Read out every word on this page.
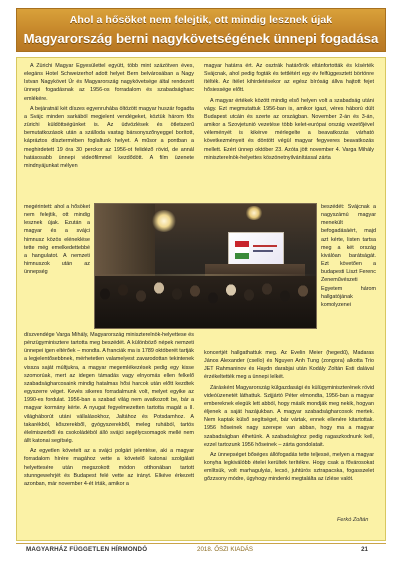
Ahol a hősöket nem felejtik, ott mindig lesznek újak
Magyarország berni nagykövetségének ünnepi fogadása

A Zürichi Magyar Egyesülettel együtt, több mint százötven éves, elegáns Hotel Schweizerhof adott helyet Bern belvárosában a Nagy Istvan Nagykövet Úr és Magyarország nagykövetsége által rendezett ünnepi fogadásnak az 1956-os forradalom és szabadságharc emlékére.

A bejáratnál két díszes egyenruhába öltözött magyar huszár fogadta a Svájc minden sarkából megjelent vendégeket, köztük három fős zürichi küldöttségünket is. Az üdvözlések és ötletszerű bemutatkozások után a szálloda vastag bársonyszőnyeggel borított, kápráztos dísztermében foglaltunk helyet. A műsor a pontban a meghirdetett 19 óra 30 perckor az 1956-ot felidéző rövid, de annál hatásosabb ünnepi videófilmmel kezdődött. A film üzenete mindnyájunkat mélyen

megérintett: ahol a hősöket nem felejtik, ott mindig lesznek újak. Ezután a magyar és a svájci himnusz közös eléneklése tette még emelkedettebbé a hangulatot. A nemzeti himnuszok után az ünnepség

díszvendége Varga Mihály, Magyarország miniszterelnök-helyettese és pénzügyminisztere tartotta meg beszédét. A különböző népek nemzeti ünnepei igen eltérőek – mondta. A franciák ma is 1789 októberét tartják a legjelentősebbnek, mérhetetlen valamelyest zavarodottan tekintenek vissza saját múltjukra, a magyar megemlékezések pedig egy kisse szomorúak, mert az idegen támadás vagy elnyomás ellen felkelő szabadságharcosaink mindig hatalmas hősi harcok után előtt kezdtek egyszerre véget. Kevés sikeres forradalmunk volt, melyet egyike az 1990-es fordulat. 1956-ban a szabad világ nem avatkozott be, bár a magyar kormány kérte. A nyugat fegyelmezetten tartotta magát a II. világháborút utáni vállalásokhoz, Jaltához és Potsdamhoz. A takarékból, kőszerekből, gyógyszerekből, meleg ruhából, tartós élelmiszerből és csokoládéból álló svájci segélycsomagok mellé nem állt katonai segítség.

Az egyetlen követelt az a svájci polgári jelentése, aki a magyar forradalom hírére magához vette a követelő katonai szolgálati helyettesére után megszokott módon otthonában tartott stunngewehrjét és Budapest felé vette az irányt. Elkéve érkezett azonban, már november 4-ét írták, amikor a

magyar határra ért. Az osztrák határőrök eltánfortották és kísérték Svájcnak, ahol pedig fogták és tettlétért egy év felfüggesztett börtönre ítélték. Az ítélet kihirdetésekor az egész bíróság állva hajtott fejet hősiessége előtt.

A magyar értékek között mindig első helyen volt a szabadság utáni vágy. Ezt megmutattuk 1956-ban is, amikor igazi, véres háború dúlt Budapest utcáin és szerte az országban. November 2-án és 3-án, amikor a Szovjetunió vezetése több kelet-európai ország vezetőjével véleményét is kikérve mérlegelte a beavatkozás várható következményeit és döntött végül magyar fegyveres beavatkozás mellett. Ezért ünnep október 23. Azóta jött november 4. Varga Mihály miniszterelnök-helyettes köszönetnyilvánítással zárta

beszédét: Svájcnak a nagyszámú magyar menekült befogadásáért, majd azt kérte, listen tartsa meg a két ország kiválóan barátságát. Ezt követően a budapesti Liszt Ferenc Zeneművészeti Egyetem három hallgatójának komolyzenei

koncertjét hallgathattuk meg. Az Evelin Meier (hegedű), Madaras János Alexander (csello) és Nguyen Anh Tung (zongora) alkotta Trio JET Rahmaninov és Haydn darabjai után Kodály Zoltán Esti dalával érzékeltették meg a ünnepi lelkét.

Zárásként Magyarország külgazdasági és külügyminiszterének rövid videóüzenetét láthattuk. Szijjártó Péter elmondta, 1956-ban a magyar embereknek elegük lett abból, hogy másik mondják meg nekik, hogyan éljenek a saját hazájukban. A magyar szabadságharcosok mertek. Nem kaptak külső segítséget, bár vártak, ennek ellenére kitartottak. 1956 hőseinek nagy szerepe van abban, hogy ma a magyar szabadságban élhetünk. A szabadsághoz pedig ragaszkodnunk kell, ezzel tartozunk 1956 hőseinek – zárta gondolatait.

Az ünnepséget bőséges állófogadás tette teljessé, melyen a magyar konyha legkiválóbb ételei kerültek terítékre. Hogy csak a fővárosokat említsük, volt marhagulyás, lecsó, juhtúrós sztrapacska, fogasszelet gőzzsony módre, úgyhogy mindenki megtalálta az ízlése valót.

Ferkó Zoltán
MAGYARHÁZ FÜGGETLEN HÍRMONDÓ	2018. ŐSZI KIADÁS	21
